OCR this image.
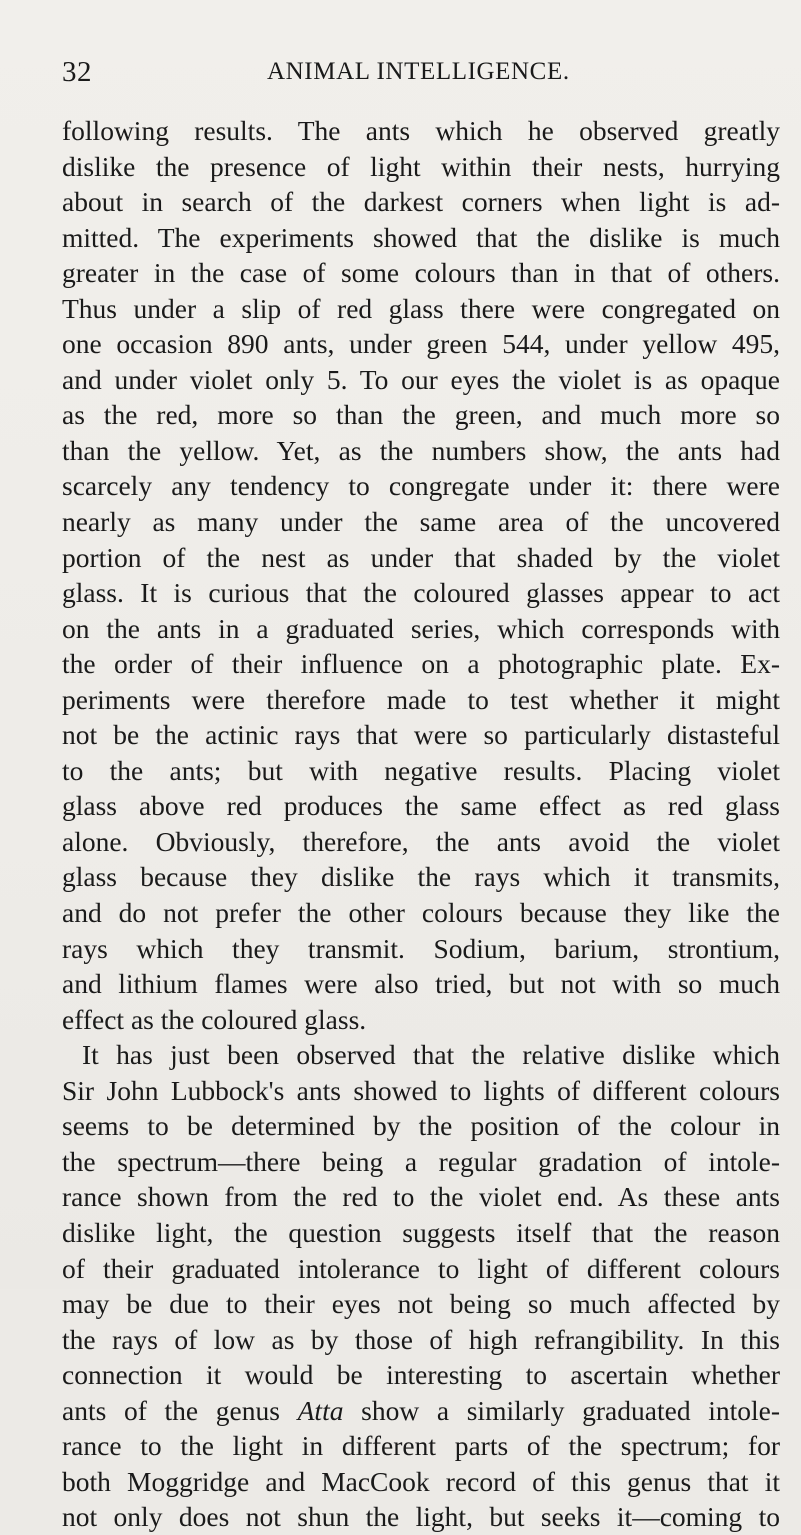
32	ANIMAL INTELLIGENCE.
following results. The ants which he observed greatly
dislike the presence of light within their nests, hurrying
about in search of the darkest corners when light is ad-
mitted. The experiments showed that the dislike is much
greater in the case of some colours than in that of others.
Thus under a slip of red glass there were congregated on
one occasion 890 ants, under green 544, under yellow 495,
and under violet only 5. To our eyes the violet is as opaque
as the red, more so than the green, and much more so
than the yellow. Yet, as the numbers show, the ants had
scarcely any tendency to congregate under it: there were
nearly as many under the same area of the uncovered
portion of the nest as under that shaded by the violet
glass. It is curious that the coloured glasses appear to act
on the ants in a graduated series, which corresponds with
the order of their influence on a photographic plate. Ex-
periments were therefore made to test whether it might
not be the actinic rays that were so particularly distasteful
to the ants; but with negative results. Placing violet
glass above red produces the same effect as red glass
alone. Obviously, therefore, the ants avoid the violet
glass because they dislike the rays which it transmits,
and do not prefer the other colours because they like the
rays which they transmit. Sodium, barium, strontium,
and lithium flames were also tried, but not with so much
effect as the coloured glass.
It has just been observed that the relative dislike which
Sir John Lubbock's ants showed to lights of different colours
seems to be determined by the position of the colour in
the spectrum—there being a regular gradation of intole-
rance shown from the red to the violet end. As these ants
dislike light, the question suggests itself that the reason
of their graduated intolerance to light of different colours
may be due to their eyes not being so much affected by
the rays of low as by those of high refrangibility. In this
connection it would be interesting to ascertain whether
ants of the genus Atta show a similarly graduated intole-
rance to the light in different parts of the spectrum; for
both Moggridge and MacCook record of this genus that it
not only does not shun the light, but seeks it—coming to
